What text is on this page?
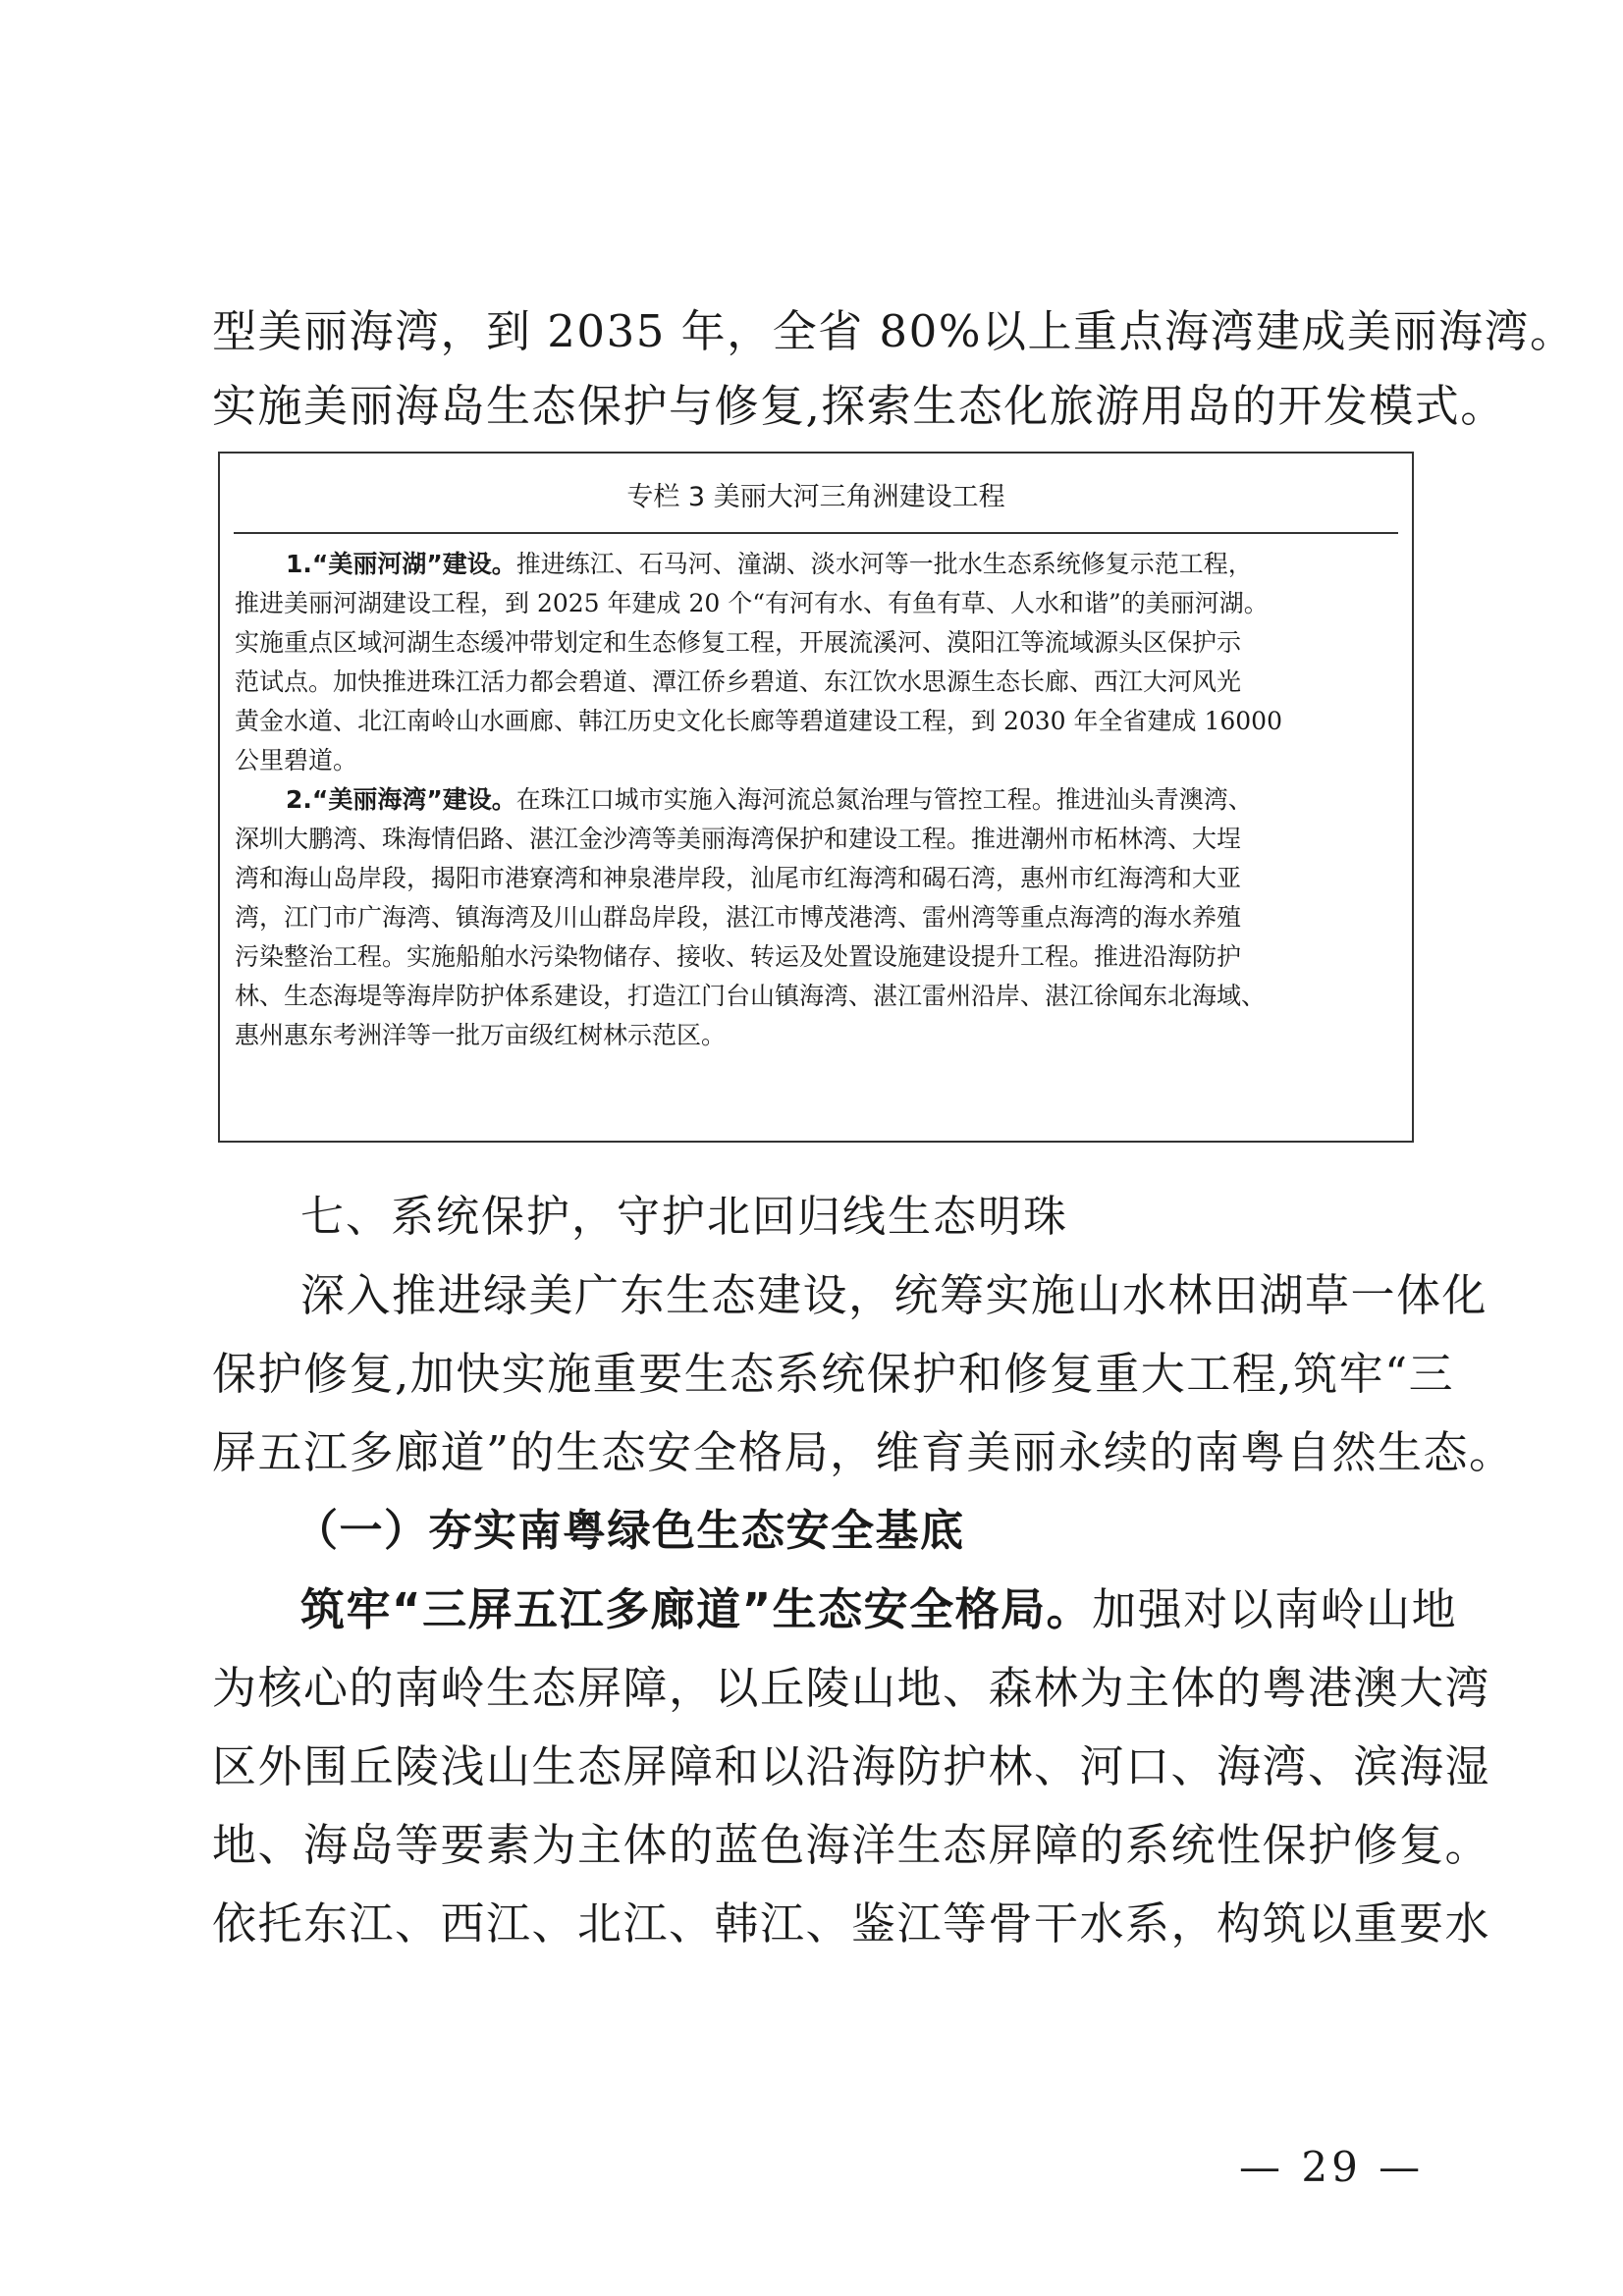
型美丽海湾，到 2035 年，全省 80%以上重点海湾建成美丽海湾。

实施美丽海岛生态保护与修复,探索生态化旅游用岛的开发模式。

专栏 3 美丽大河三角洲建设工程

1.“美丽河湖”建设。推进练江、石马河、潼湖、淡水河等一批水生态系统修复示范工程，

推进美丽河湖建设工程，到 2025 年建成 20 个“有河有水、有鱼有草、人水和谐”的美丽河湖。

实施重点区域河湖生态缓冲带划定和生态修复工程，开展流溪河、漠阳江等流域源头区保护示

范试点。加快推进珠江活力都会碧道、潭江侨乡碧道、东江饮水思源生态长廊、西江大河风光

黄金水道、北江南岭山水画廊、韩江历史文化长廊等碧道建设工程，到 2030 年全省建成 16000

公里碧道。

2.“美丽海湾”建设。在珠江口城市实施入海河流总氮治理与管控工程。推进汕头青澳湾、

深圳大鹏湾、珠海情侣路、湛江金沙湾等美丽海湾保护和建设工程。推进潮州市柘林湾、大埕

湾和海山岛岸段，揭阳市港寮湾和神泉港岸段，汕尾市红海湾和碣石湾，惠州市红海湾和大亚

湾，江门市广海湾、镇海湾及川山群岛岸段，湛江市博茂港湾、雷州湾等重点海湾的海水养殖

污染整治工程。实施船舶水污染物储存、接收、转运及处置设施建设提升工程。推进沿海防护

林、生态海堤等海岸防护体系建设，打造江门台山镇海湾、湛江雷州沿岸、湛江徐闻东北海域、

惠州惠东考洲洋等一批万亩级红树林示范区。

七、系统保护，守护北回归线生态明珠

深入推进绿美广东生态建设，统筹实施山水林田湖草一体化

保护修复,加快实施重要生态系统保护和修复重大工程,筑牢“三

屏五江多廊道”的生态安全格局，维育美丽永续的南粤自然生态。

（一）夯实南粤绿色生态安全基底

筑牢“三屏五江多廊道”生态安全格局。加强对以南岭山地

为核心的南岭生态屏障，以丘陵山地、森林为主体的粤港澳大湾

区外围丘陵浅山生态屏障和以沿海防护林、河口、海湾、滨海湿

地、海岛等要素为主体的蓝色海洋生态屏障的系统性保护修复。

依托东江、西江、北江、韩江、鉴江等骨干水系，构筑以重要水

— 29 —
